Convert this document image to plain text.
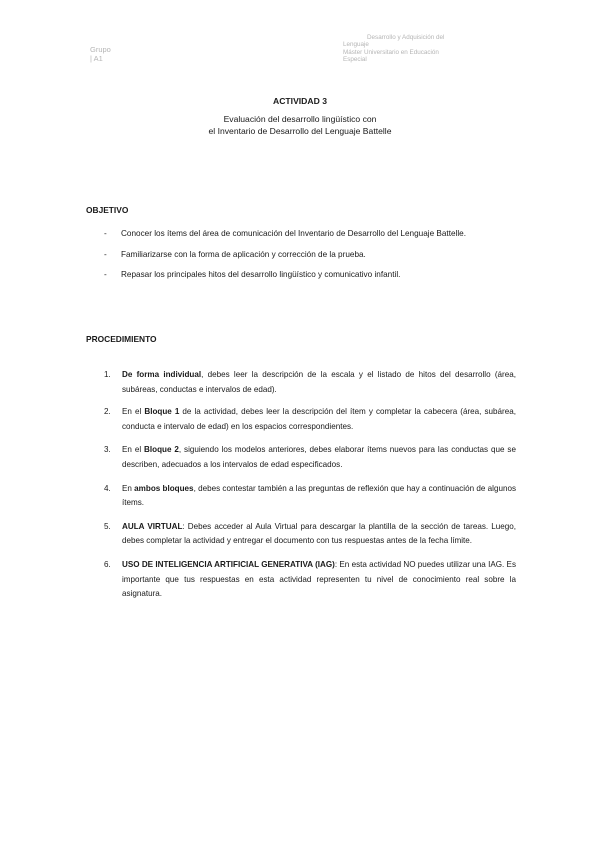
Grupo
| A1
Desarrollo y Adquisición del
Lenguaje
Máster Universitario en Educación
Especial
ACTIVIDAD 3
Evaluación del desarrollo lingüístico con
el Inventario de Desarrollo del Lenguaje Battelle
OBJETIVO
- Conocer los ítems del área de comunicación del Inventario de Desarrollo del Lenguaje Battelle.
- Familiarizarse con la forma de aplicación y corrección de la prueba.
- Repasar los principales hitos del desarrollo lingüístico y comunicativo infantil.
PROCEDIMIENTO
1. De forma individual, debes leer la descripción de la escala y el listado de hitos del desarrollo (área, subáreas, conductas e intervalos de edad).
2. En el Bloque 1 de la actividad, debes leer la descripción del ítem y completar la cabecera (área, subárea, conducta e intervalo de edad) en los espacios correspondientes.
3. En el Bloque 2, siguiendo los modelos anteriores, debes elaborar ítems nuevos para las conductas que se describen, adecuados a los intervalos de edad especificados.
4. En ambos bloques, debes contestar también a las preguntas de reflexión que hay a continuación de algunos ítems.
5. AULA VIRTUAL: Debes acceder al Aula Virtual para descargar la plantilla de la sección de tareas. Luego, debes completar la actividad y entregar el documento con tus respuestas antes de la fecha límite.
6. USO DE INTELIGENCIA ARTIFICIAL GENERATIVA (IAG): En esta actividad NO puedes utilizar una IAG. Es importante que tus respuestas en esta actividad representen tu nivel de conocimiento real sobre la asignatura.
